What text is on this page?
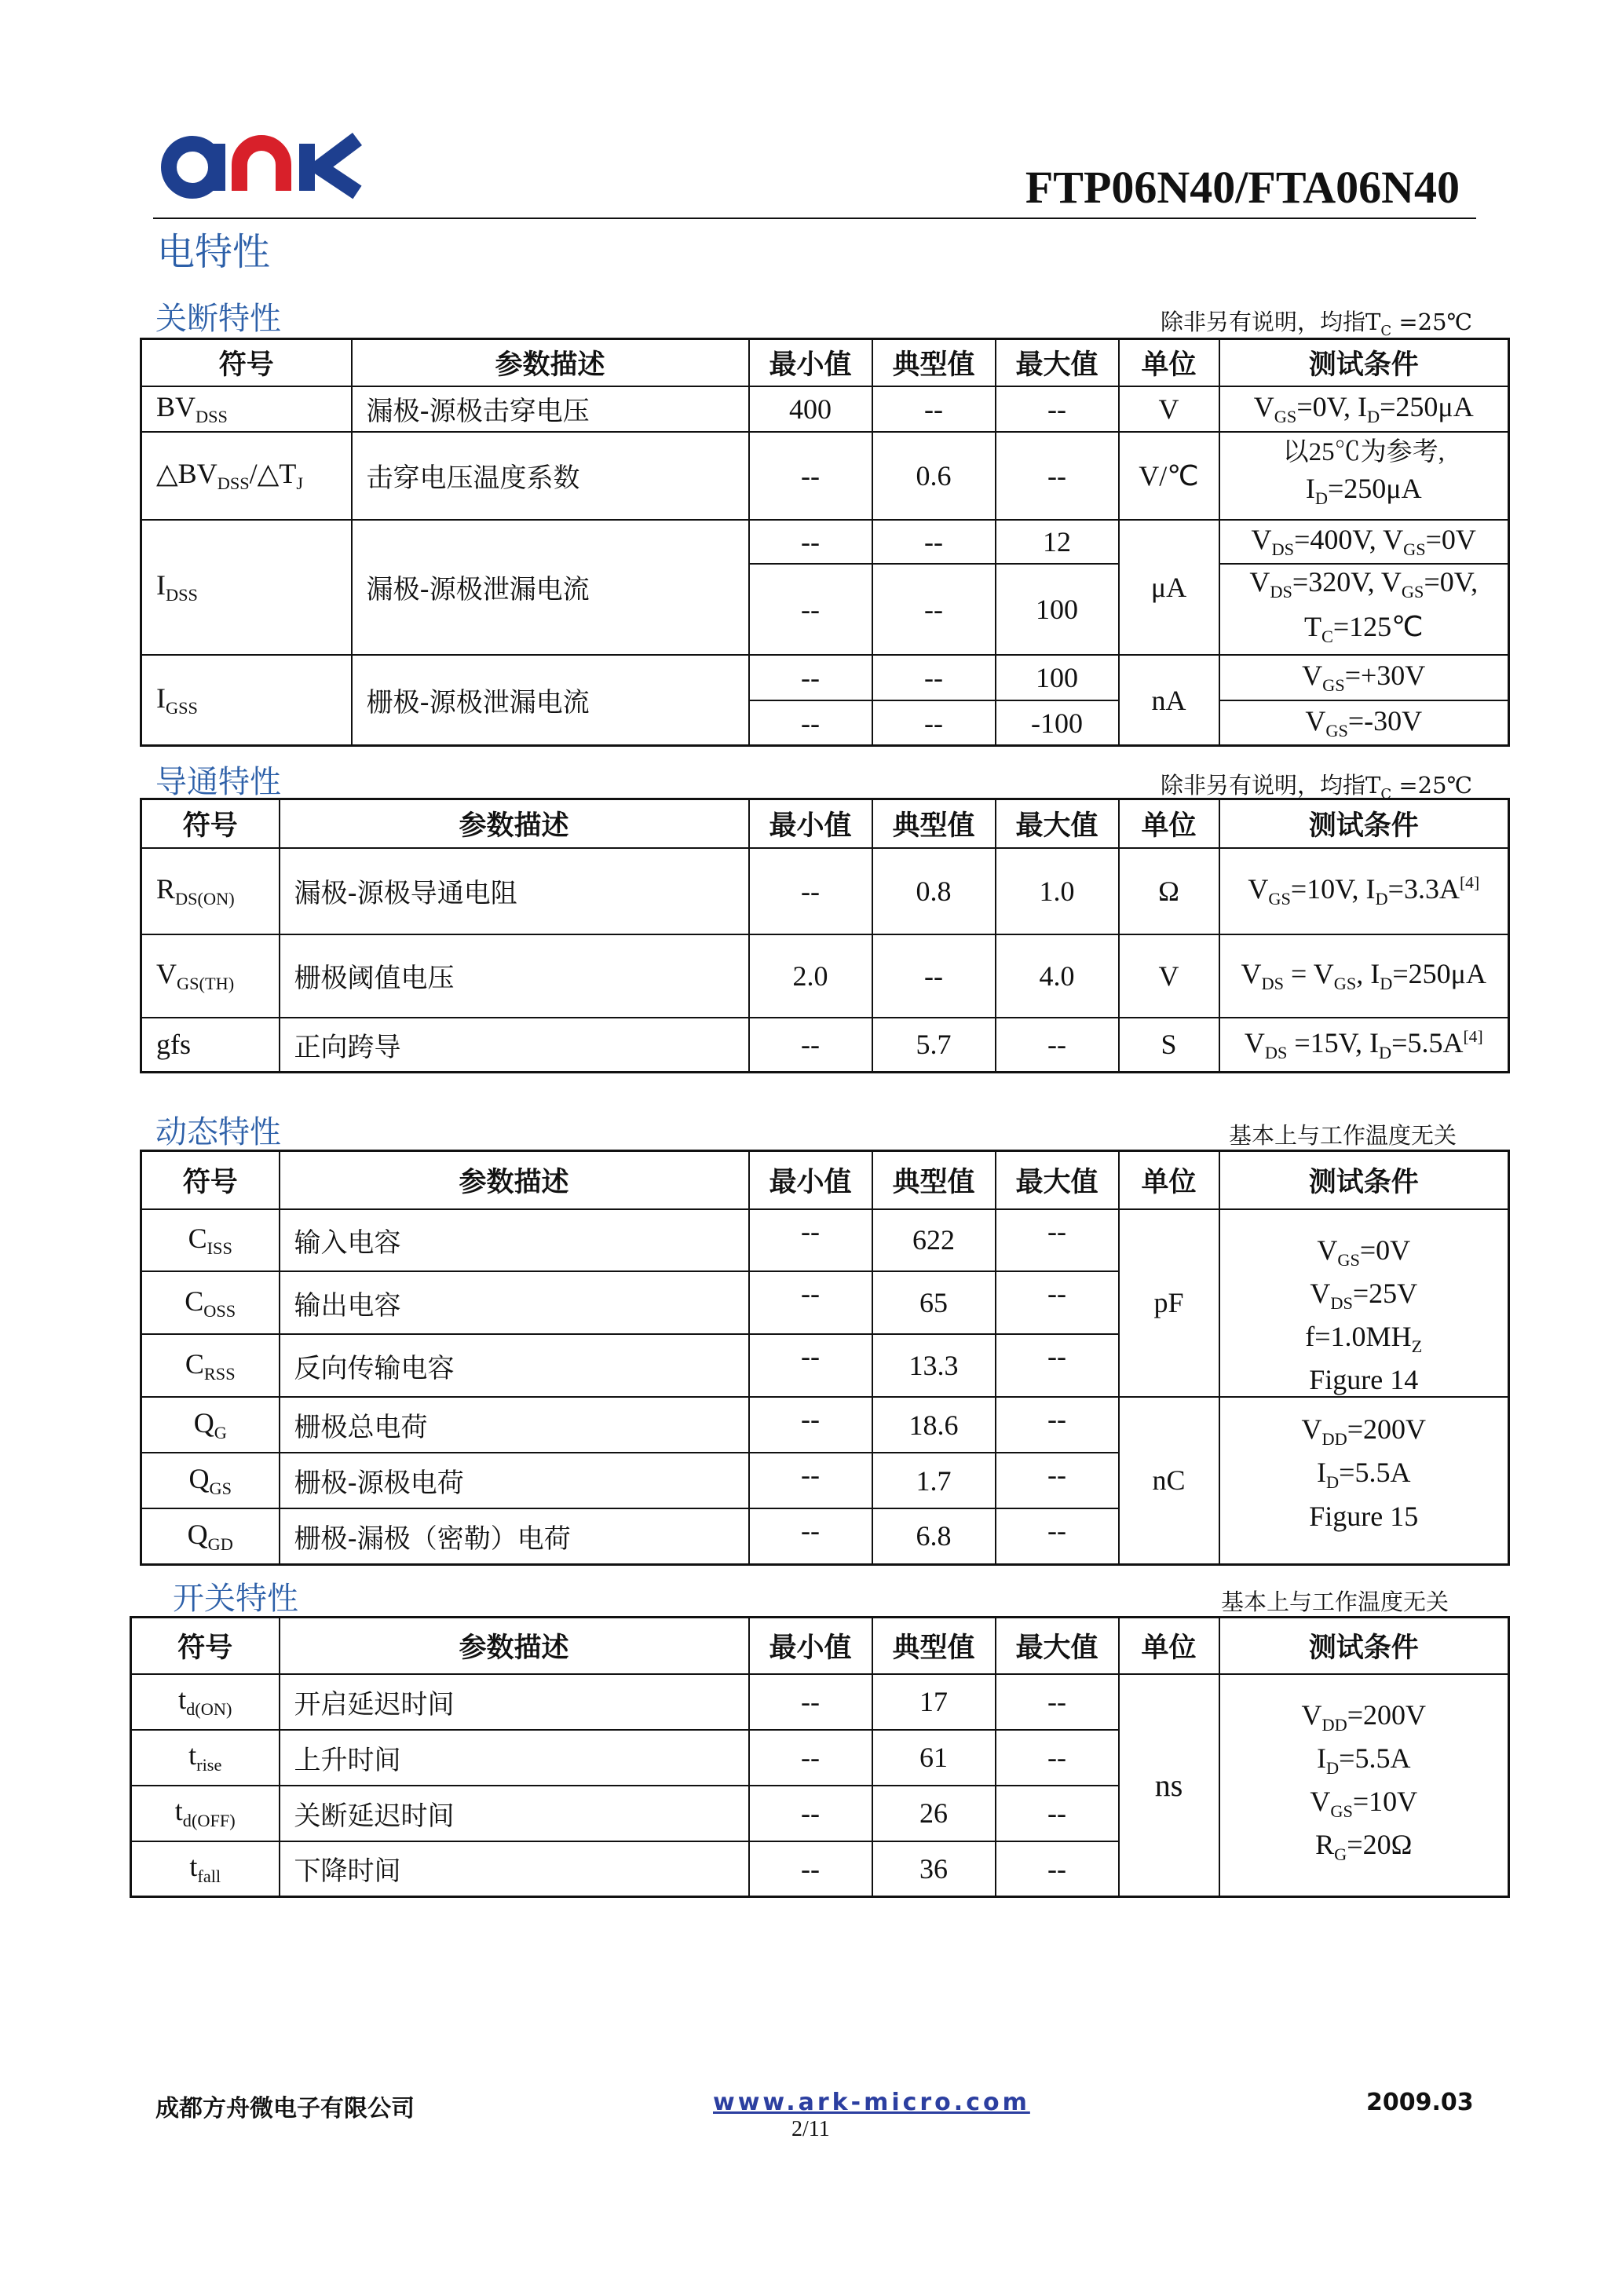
FTP06N40/FTA06N40
电特性
关断特性	除非另有说明，均指$T_C$ =25℃
符号	参数描述	最小值	典型值	最大值	单位	测试条件
$BV_{DSS}$	漏极-源极击穿电压	400	--	--	V	$V_{GS}=0V$, $I_D=250\mu A$
$\triangle BV_{DSS}/\triangle T_J$	击穿电压温度系数	--	0.6	--	V/℃	以25℃为参考,
$I_D=250\mu A$

$I_{DSS}$	漏极-源极泄漏电流	--	--	12	μA	$V_{DS}=400V$, $V_{GS}=0V$
		--	--	100		$V_{DS}=320V$, $V_{GS}=0V$,
$T_C=125℃$

$I_{GSS}$	栅极-源极泄漏电流	--	--	100	nA	$V_{GS}=+30V$
		--	--	-100		$V_{GS}=-30V$
导通特性	除非另有说明，均指$T_C$ =25℃
符号	参数描述	最小值	典型值	最大值	单位	测试条件
$R_{DS(ON)}$	漏极-源极导通电阻	--	0.8	1.0	Ω	$V_{GS}=10V$, $I_D=3.3A[4]$
$V_{GS(TH)}$	栅极阈值电压	2.0	--	4.0	V	$V_{DS} = V_{GS}$, $I_D=250\mu A$
gfs	正向跨导	--	5.7	--	S	$V_{DS} =15V$, $I_D=5.5A[4]$
动态特性	基本上与工作温度无关
符号	参数描述	最小值	典型值	最大值	单位	测试条件
$C_{ISS}$	输入电容	--	622	--	pF	$V_{GS}=0V$
$V_{DS}=25V$
$f=1.0MH_Z$
Figure 14

$C_{OSS}$	输出电容	--	65	--		
$C_{RSS}$	反向传输电容	--	13.3	--		
$Q_G$	栅极总电荷	--	18.6	--	nC	$V_{DD}=200V$
$I_D=5.5A$
Figure 15

$Q_{GS}$	栅极-源极电荷	--	1.7	--		
$Q_{GD}$	栅极-漏极（密勒）电荷	--	6.8	--		
开关特性	基本上与工作温度无关
符号	参数描述	最小值	典型值	最大值	单位	测试条件
$t_{d(ON)}$	开启延迟时间	--	17	--	ns	$V_{DD}=200V$
$I_D=5.5A$
$V_{GS}=10V$
$R_G=20\Omega$

$t_{rise}$	上升时间	--	61	--		
$t_{d(OFF)}$	关断延迟时间	--	26	--		
$t_{fall}$	下降时间	--	36	--		
成都方舟微电子有限公司	www.ark-micro.com
2/11
2009.03
